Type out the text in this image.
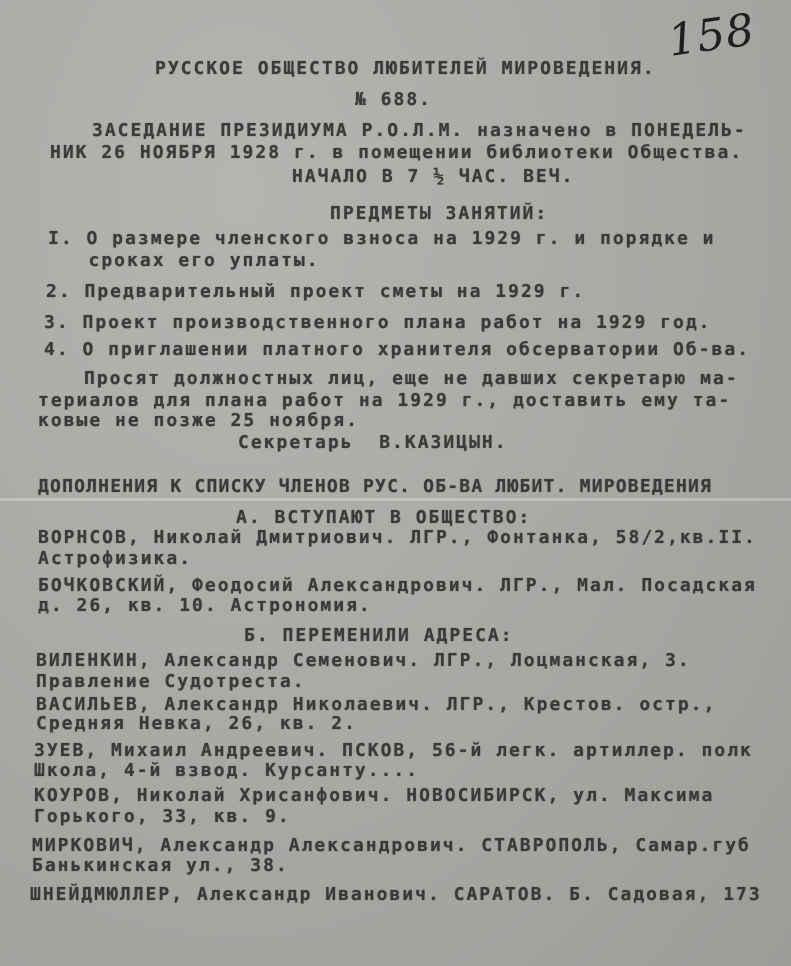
158
РУССКОЕ ОБЩЕСТВО ЛЮБИТЕЛЕЙ МИРОВЕДЕНИЯ.
№ 688.
ЗАСЕДАНИЕ ПРЕЗИДИУМА Р.О.Л.М. назначено в ПОНЕДЕЛЬ-
НИК 26 НОЯБРЯ 1928 г. в помещении библиотеки Общества.
НАЧАЛО В 7 ½ ЧАС. ВЕЧ.
ПРЕДМЕТЫ ЗАНЯТИЙ:
I. О размере членского взноса на 1929 г. и порядке и
сроках его уплаты.
2. Предварительный проект сметы на 1929 г.
3. Проект производственного плана работ на 1929 год.
4. О приглашении платного хранителя обсерватории Об-ва.
Просят должностных лиц, еще не давших секретарю ма-
териалов для плана работ на 1929 г., доставить ему та-
ковые не позже 25 ноября.
Секретарь  В.КАЗИЦЫН.
ДОПОЛНЕНИЯ К СПИСКУ ЧЛЕНОВ РУС. ОБ-ВА ЛЮБИТ. МИРОВЕДЕНИЯ
А. ВСТУПАЮТ В ОБЩЕСТВО:
ВОРНСОВ, Николай Дмитриович. ЛГР., Фонтанка, 58/2,кв.II.
Астрофизика.
БОЧКОВСКИЙ, Феодосий Александрович. ЛГР., Мал. Посадская
д. 26, кв. 10. Астрономия.
Б. ПЕРЕМЕНИЛИ АДРЕСА:
ВИЛЕНКИН, Александр Семенович. ЛГР., Лоцманская, 3.
Правление Судотреста.
ВАСИЛЬЕВ, Александр Николаевич. ЛГР., Крестов. остр.,
Средняя Невка, 26, кв. 2.
ЗУЕВ, Михаил Андреевич. ПСКОВ, 56-й легк. артиллер. полк
Школа, 4-й взвод. Курсанту....
КОУРОВ, Николай Хрисанфович. НОВОСИБИРСК, ул. Максима
Горького, 33, кв. 9.
МИРКОВИЧ, Александр Александрович. СТАВРОПОЛЬ, Самар.губ
Банькинская ул., 38.
ШНЕЙДМЮЛЛЕР, Александр Иванович. САРАТОВ. Б. Садовая, 173
